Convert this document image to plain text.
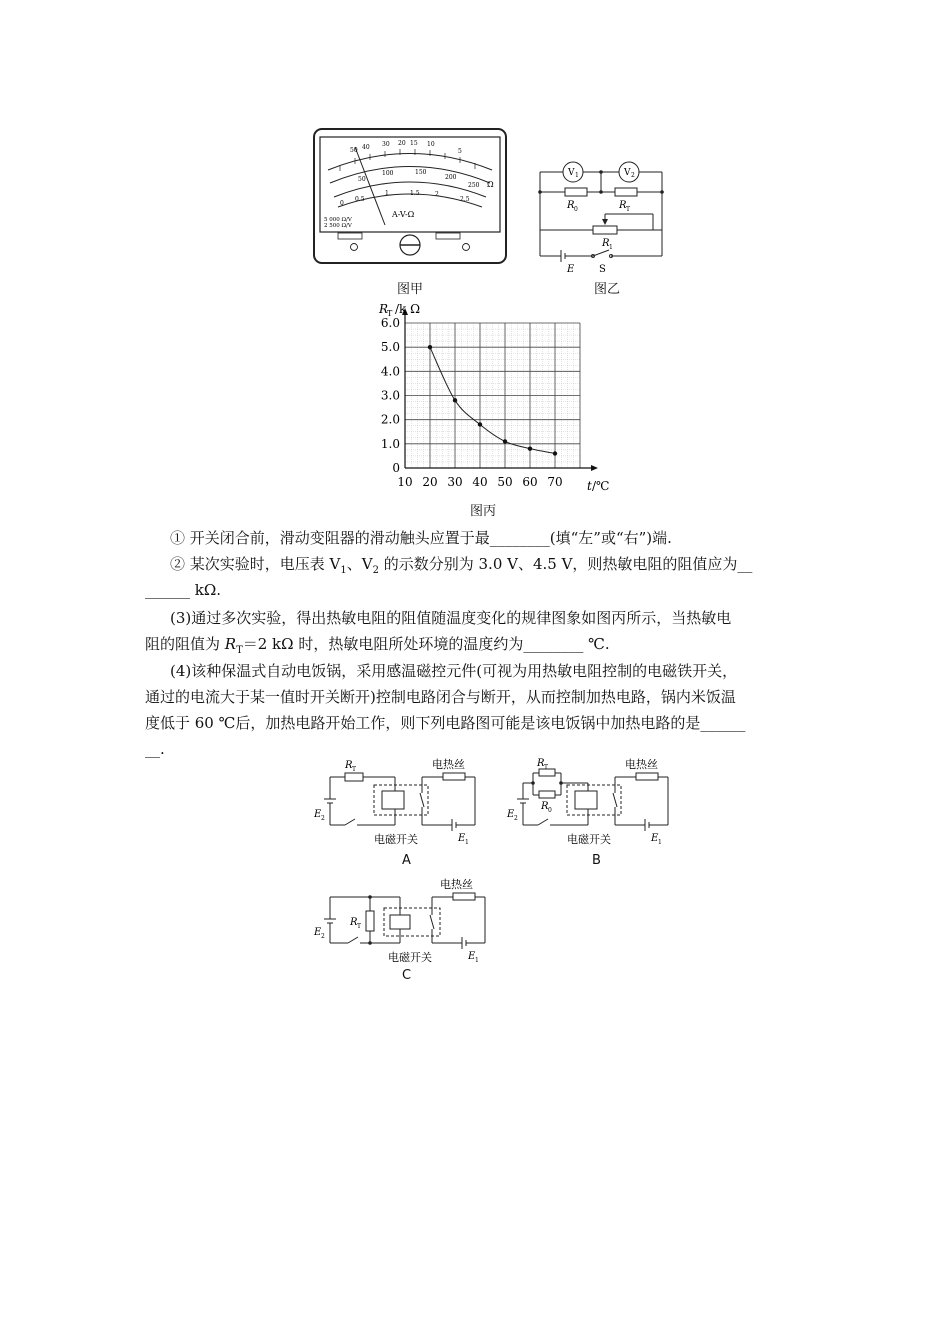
50 40 30 20 15 10
5
50
100	150
200
250
0
0.5
1	1.5	2
2.5
Ω
A-V-Ω
5 000 Ω/V
2 500 Ω/V
图甲
V 1	V 2
R 0	R T
R 1
E S
图乙
10 20 30 40 50 60 70
0
1.0
2.0
3.0
4.0
5.0
6.0
R
T /k Ω
t /℃
图丙
① 开关闭合前，滑动变阻器的滑动触头应置于最________(填“左”或“右”)端.
② 某次实验时，电压表 $V_1$、$V_2$ 的示数分别为 3.0 V、4.5 V，则热敏电阻的阻值应为__
______ kΩ.
(3)通过多次实验，得出热敏电阻的阻值随温度变化的规律图象如图丙所示，当热敏电
阻的阻值为 $R_T=2$ kΩ 时，热敏电阻所处环境的温度约为________ ℃.
(4)该种保温式自动电饭锅，采用感温磁控元件(可视为用热敏电阻控制的电磁铁开关，
通过的电流大于某一值时开关断开)控制电路闭合与断开，从而控制加热电路，锅内米饭温
度低于 60 ℃后，加热电路开始工作，则下列电路图可能是该电饭锅中加热电路的是______
__.
R T	电热丝
E 2
E 1
电磁开关
A
R T
R 0
电热丝
E 2
E 1
电磁开关
B
R T
电热丝
E 2
E 1
电磁开关
C
